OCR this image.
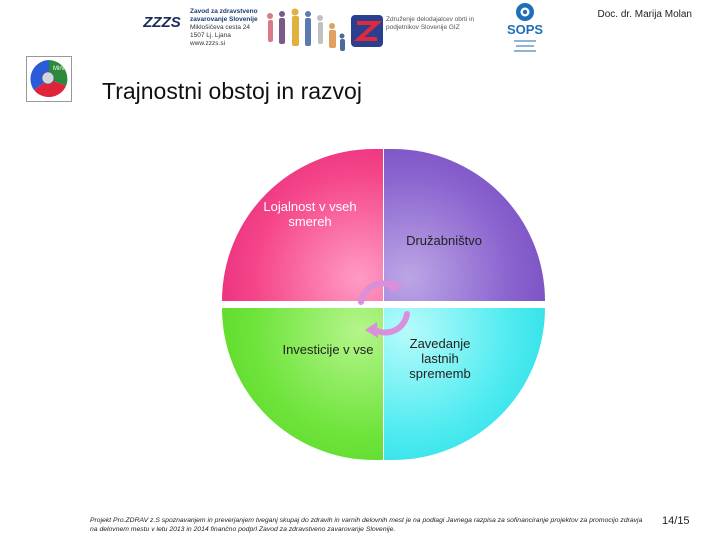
ZZZS
Zavod za zdravstveno
zavarovanje Slovenije
Miklošičeva cesta 24
1507 Lj. Ljana
www.zzzs.si
Združenje delodajalcev obrti in podjetnikov Slovenije GIZ	SOPS
Doc. dr. Marija Molan
Mirvo
Trajnostni obstoj in razvoj
Lojalnost v vseh smereh
Družabništvo
Investicije v vse	Zavedanje lastnih sprememb
Projekt Pro.ZDRAV z.S spoznavanjem in preverjanjem tveganj skupaj do zdravih in varnih delovnih mest je na podlagi Javnega razpisa za sofinanciranje projektov za promocijo zdravja na delovnem mestu v letu 2013 in 2014 finančno podprl Zavod za zdravstveno zavarovanje Slovenije.
14/15
